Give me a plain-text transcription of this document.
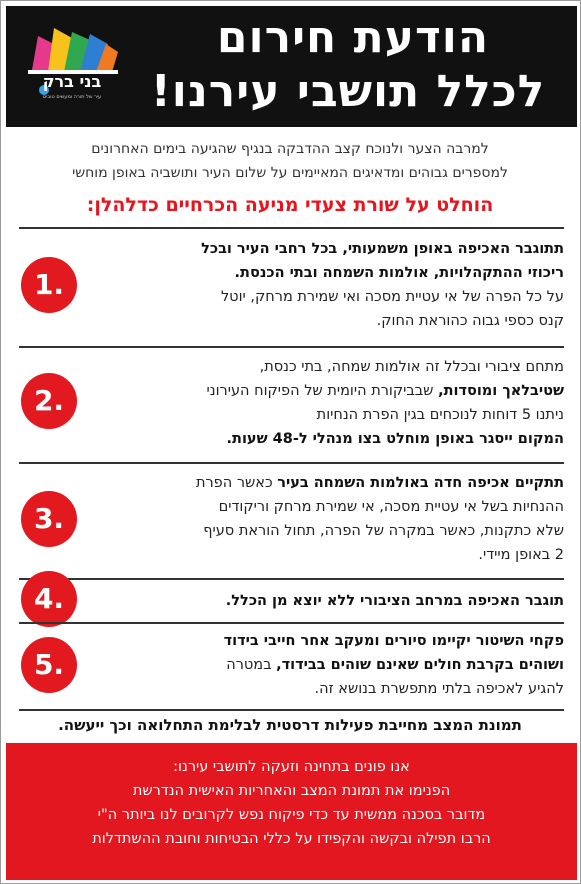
בני ברק
עיר של תורה ומעשים טובים
הודעת חירום
לכלל תושבי עירנו!
למרבה הצער ולנוכח קצב ההדבקה בנגיף שהגיעה בימים האחרונים
למספרים גבוהים ומדאיגים המאיימים על שלום העיר ותושביה באופן מוחשי
הוחלט על שורת צעדי מניעה הכרחיים כדלהלן:
1.
תתוגבר האכיפה באופן משמעותי, בכל רחבי העיר ובכל
ריכוזי ההתקהלויות, אולמות השמחה ובתי הכנסת.
על כל הפרה של אי עטיית מסכה ואי שמירת מרחק, יוטל
קנס כספי גבוה כהוראת החוק.
2.
מתחם ציבורי ובכלל זה אולמות שמחה, בתי כנסת,
שטיבלאך ומוסדות, שבביקורת היומית של הפיקוח העירוני
ניתנו 5 דוחות לנוכחים בגין הפרת הנחיות
המקום ייסגר באופן מוחלט בצו מנהלי ל-48 שעות.
3.
תתקיים אכיפה חדה באולמות השמחה בעיר כאשר הפרת
ההנחיות בשל אי עטיית מסכה, אי שמירת מרחק וריקודים
שלא כתקנות, כאשר במקרה של הפרה, תחול הוראת סעיף
2 באופן מיידי.
4.	תוגבר האכיפה במרחב הציבורי ללא יוצא מן הכלל.
5.
פקחי השיטור יקיימו סיורים ומעקב אחר חייבי בידוד
ושוהים בקרבת חולים שאינם שוהים בבידוד, במטרה
להגיע לאכיפה בלתי מתפשרת בנושא זה.
תמונת המצב מחייבת פעילות דרסטית לבלימת התחלואה וכך ייעשה.
אנו פונים בתחינה וזעקה לתושבי עירנו:
הפנימו את תמונת המצב והאחריות האישית הנדרשת
מדובר בסכנה ממשית עד כדי פיקוח נפש לקרובים לנו ביותר ה"י
הרבו תפילה ובקשה והקפידו על כללי הבטיחות וחובת ההשתדלות
